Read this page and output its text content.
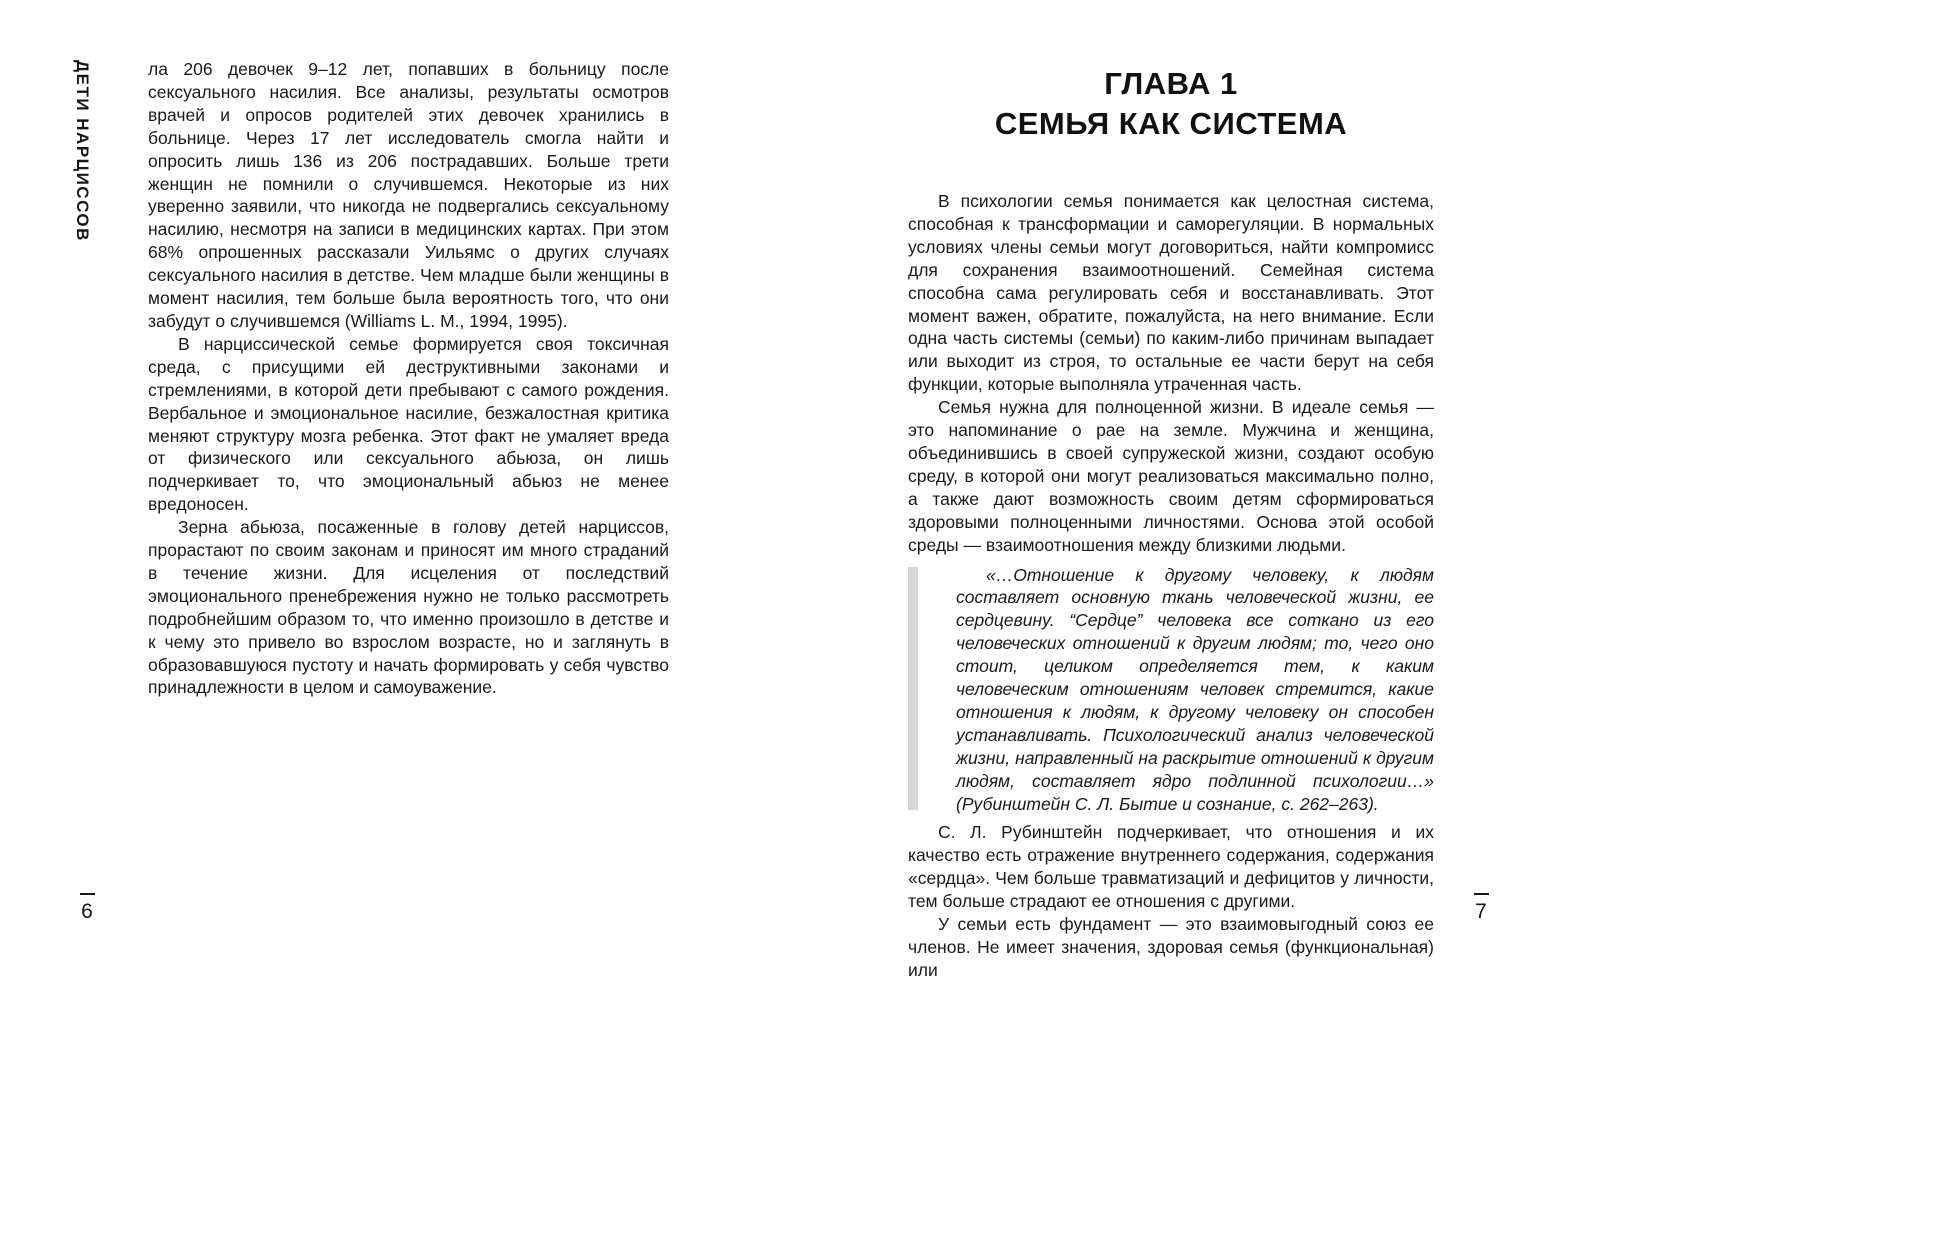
ДЕТИ НАРЦИССОВ	ла 206 девочек 9–12 лет, попавших в больницу после сексуального насилия. Все анализы, результаты осмотров врачей и опросов родителей этих девочек хранились в больнице. Через 17 лет исследователь смогла найти и опросить лишь 136 из 206 пострадавших. Больше трети женщин не помнили о случившемся. Некоторые из них уверенно заявили, что никогда не подвергались сексуальному насилию, несмотря на записи в медицинских картах. При этом 68% опрошенных рассказали Уильямс о других случаях сексуального насилия в детстве. Чем младше были женщины в момент насилия, тем больше была вероятность того, что они забудут о случившемся (Williams L. M., 1994, 1995).

В нарциссической семье формируется своя токсичная среда, с присущими ей деструктивными законами и стремлениями, в которой дети пребывают с самого рождения. Вербальное и эмоциональное насилие, безжалостная критика меняют структуру мозга ребенка. Этот факт не умаляет вреда от физического или сексуального абьюза, он лишь подчеркивает то, что эмоциональный абьюз не менее вредоносен.

Зерна абьюза, посаженные в голову детей нарциссов, прорастают по своим законам и приносят им много страданий в течение жизни. Для исцеления от последствий эмоционального пренебрежения нужно не только рассмотреть подробнейшим образом то, что именно произошло в детстве и к чему это привело во взрослом возрасте, но и заглянуть в образовавшуюся пустоту и начать формировать у себя чувство принадлежности в целом и самоуважение.

6
ГЛАВА 1
СЕМЬЯ КАК СИСТЕМА

В психологии семья понимается как целостная система, способная к трансформации и саморегуляции. В нормальных условиях члены семьи могут договориться, найти компромисс для сохранения взаимоотношений. Семейная система способна сама регулировать себя и восстанавливать. Этот момент важен, обратите, пожалуйста, на него внимание. Если одна часть системы (семьи) по каким-либо причинам выпадает или выходит из строя, то остальные ее части берут на себя функции, которые выполняла утраченная часть.

Семья нужна для полноценной жизни. В идеале семья — это напоминание о рае на земле. Мужчина и женщина, объединившись в своей супружеской жизни, создают особую среду, в которой они могут реализоваться максимально полно, а также дают возможность своим детям сформироваться здоровыми полноценными личностями. Основа этой особой среды — взаимоотношения между близкими людьми.

«…Отношение к другому человеку, к людям составляет основную ткань человеческой жизни, ее сердцевину. “Сердце” человека все соткано из его человеческих отношений к другим людям; то, чего оно стоит, целиком определяется тем, к каким человеческим отношениям человек стремится, какие отношения к людям, к другому человеку он способен устанавливать. Психологический анализ человеческой жизни, направленный на раскрытие отношений к другим людям, составляет ядро подлинной психологии…» (Рубинштейн С. Л. Бытие и сознание, с. 262–263).

С. Л. Рубинштейн подчеркивает, что отношения и их качество есть отражение внутреннего содержания, содержания «сердца». Чем больше травматизаций и дефицитов у личности, тем больше страдают ее отношения с другими.

У семьи есть фундамент — это взаимовыгодный союз ее членов. Не имеет значения, здоровая семья (функциональная) или

7
